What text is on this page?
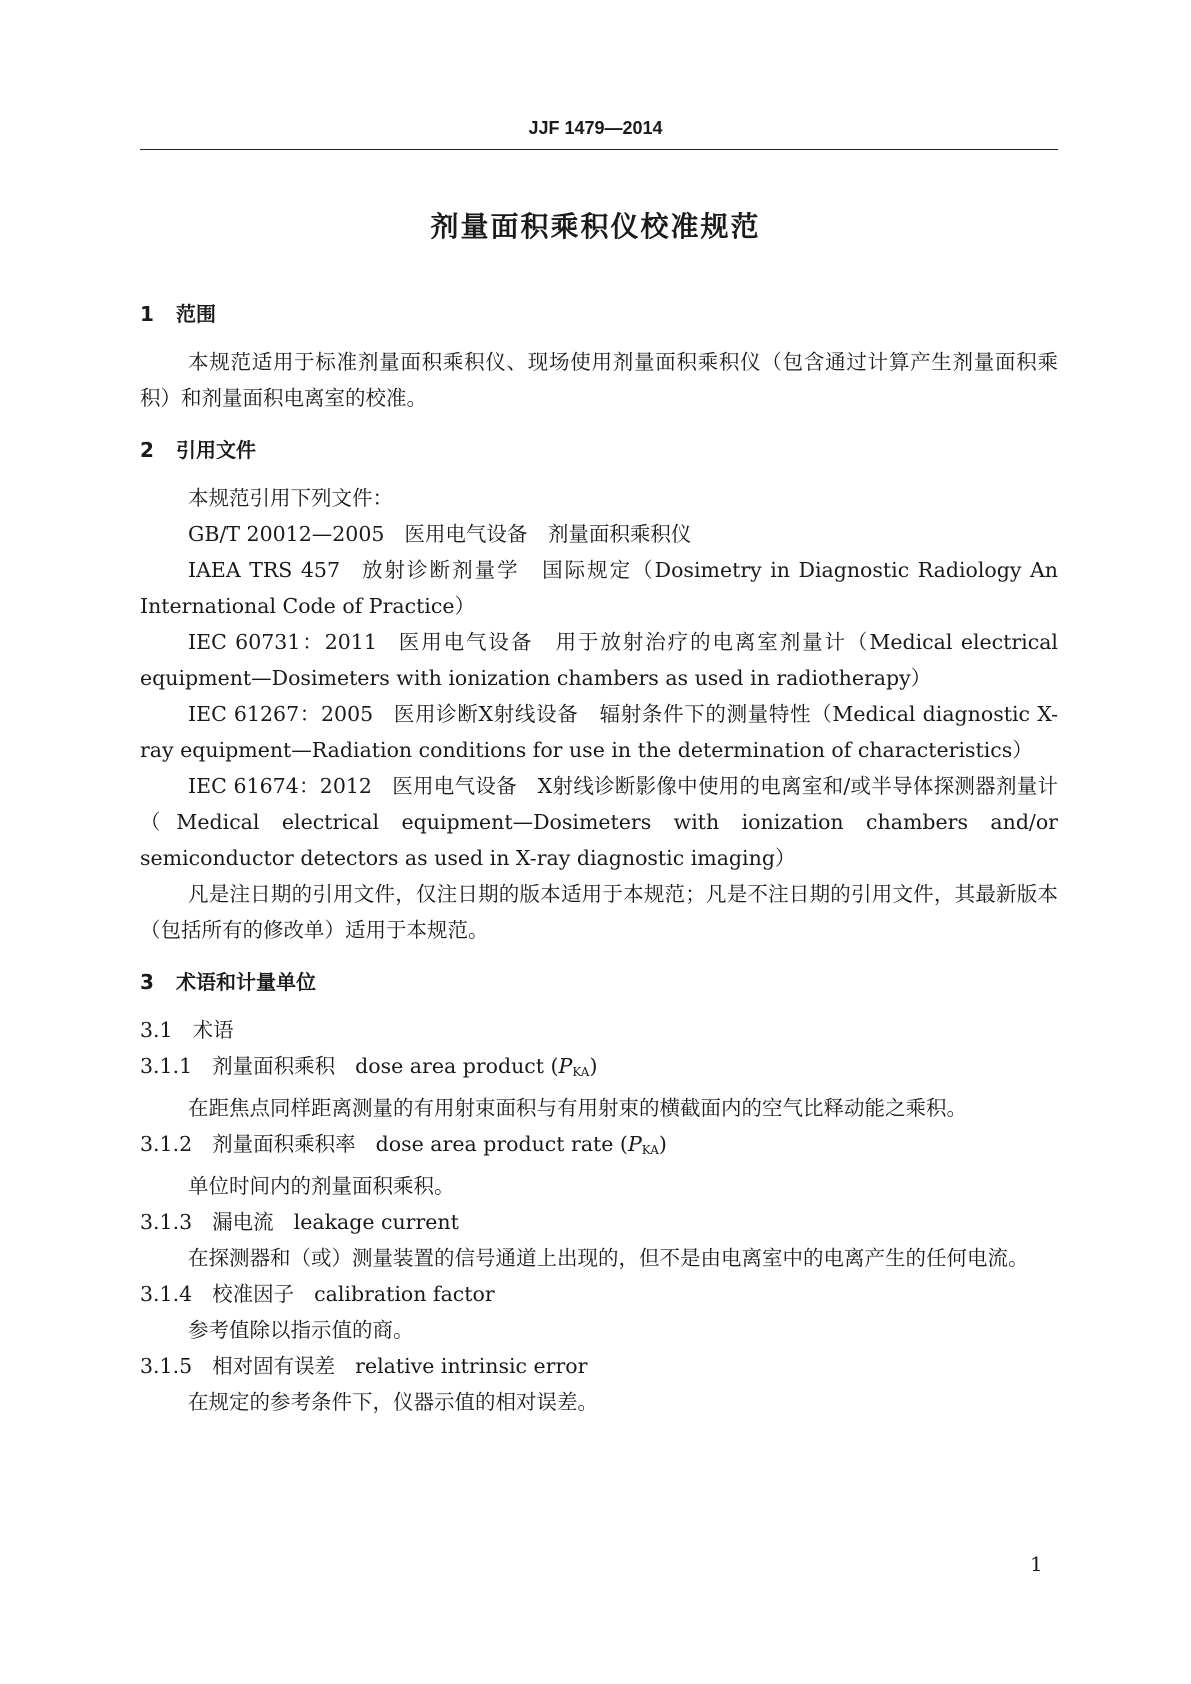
JJF 1479—2014
剂量面积乘积仪校准规范

1 范围

本规范适用于标准剂量面积乘积仪、现场使用剂量面积乘积仪（包含通过计算产生剂量面积乘积）和剂量面积电离室的校准。

2 引用文件

本规范引用下列文件：

GB/T 20012—2005 医用电气设备　剂量面积乘积仪

IAEA TRS 457 放射诊断剂量学　国际规定（Dosimetry in Diagnostic Radiology An International Code of Practice）

IEC 60731：2011 医用电气设备　用于放射治疗的电离室剂量计（Medical electrical equipment—Dosimeters with ionization chambers as used in radiotherapy）

IEC 61267：2005 医用诊断X射线设备　辐射条件下的测量特性（Medical diagnostic X-ray equipment—Radiation conditions for use in the determination of characteristics）

IEC 61674：2012 医用电气设备　X射线诊断影像中使用的电离室和/或半导体探测器剂量计（Medical electrical equipment—Dosimeters with ionization chambers and/or semiconductor detectors as used in X-ray diagnostic imaging）

凡是注日期的引用文件，仅注日期的版本适用于本规范；凡是不注日期的引用文件，其最新版本（包括所有的修改单）适用于本规范。

3 术语和计量单位

3.1 术语

3.1.1 剂量面积乘积 dose area product $(P_{KA})$

在距焦点同样距离测量的有用射束面积与有用射束的横截面内的空气比释动能之乘积。

3.1.2 剂量面积乘积率 dose area product rate $(P_{KA})$

单位时间内的剂量面积乘积。

3.1.3 漏电流 leakage current

在探测器和（或）测量装置的信号通道上出现的，但不是由电离室中的电离产生的任何电流。

3.1.4 校准因子 calibration factor

参考值除以指示值的商。

3.1.5 相对固有误差 relative intrinsic error

在规定的参考条件下，仪器示值的相对误差。

1
